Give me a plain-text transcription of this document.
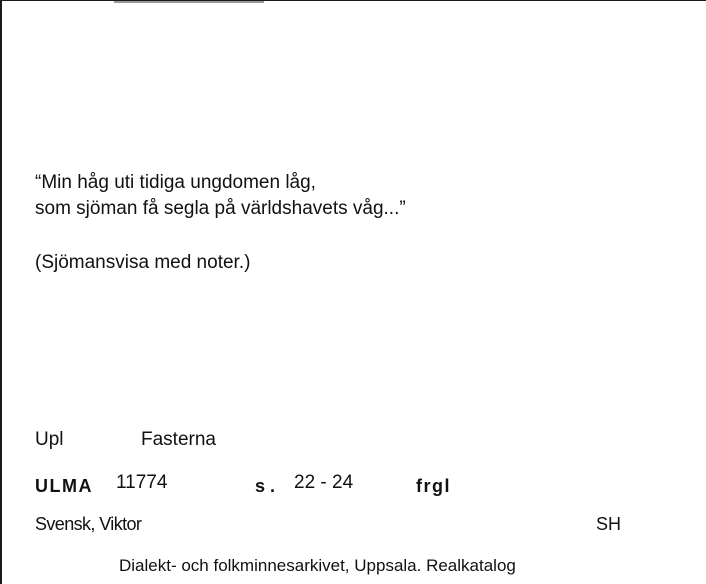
“Min håg uti tidiga ungdomen låg,
som sjöman få segla på världshavets våg...”
(Sjömansvisa med noter.)
Upl	Fasterna
ULMA 11774	s . 22 - 24	frgl
Svensk, Viktor	SH
Dialekt- och folkminnesarkivet, Uppsala. Realkatalog
